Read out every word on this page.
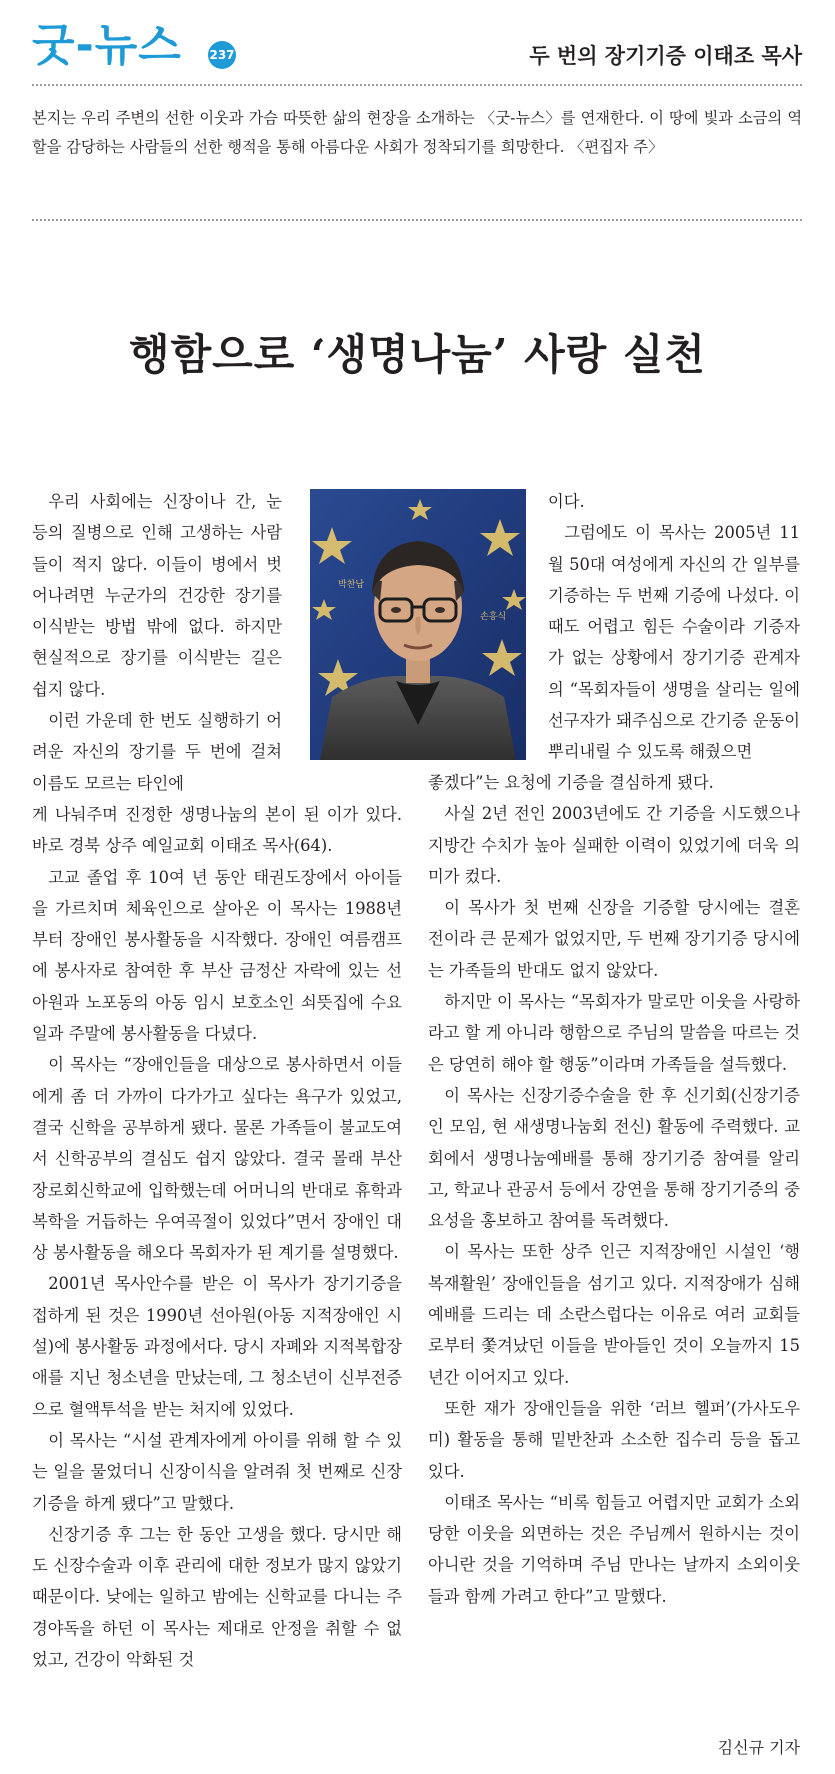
굿-뉴스 237	두 번의 장기기증 이태조 목사
본지는 우리 주변의 선한 이웃과 가슴 따뜻한 삶의 현장을 소개하는 〈굿-뉴스〉를 연재한다. 이 땅에 빛과 소금의 역할을 감당하는 사람들의 선한 행적을 통해 아름다운 사회가 정착되기를 희망한다. 〈편집자 주〉
행함으로 ‘생명나눔’ 사랑 실천
박찬남
손흥식

우리 사회에는 신장이나 간, 눈 등의 질병으로 인해 고생하는 사람들이 적지 않다. 이들이 병에서 벗어나려면 누군가의 건강한 장기를 이식받는 방법 밖에 없다. 하지만 현실적으로 장기를 이식받는 길은 쉽지 않다.

이런 가운데 한 번도 실행하기 어려운 자신의 장기를 두 번에 걸쳐 이름도 모르는 타인에

게 나눠주며 진정한 생명나눔의 본이 된 이가 있다. 바로 경북 상주 예일교회 이태조 목사(64).

고교 졸업 후 10여 년 동안 태권도장에서 아이들을 가르치며 체육인으로 살아온 이 목사는 1988년부터 장애인 봉사활동을 시작했다. 장애인 여름캠프에 봉사자로 참여한 후 부산 금정산 자락에 있는 선아원과 노포동의 아동 임시 보호소인 쇠뜻집에 수요일과 주말에 봉사활동을 다녔다.

이 목사는 “장애인들을 대상으로 봉사하면서 이들에게 좀 더 가까이 다가가고 싶다는 욕구가 있었고, 결국 신학을 공부하게 됐다. 물론 가족들이 불교도여서 신학공부의 결심도 쉽지 않았다. 결국 몰래 부산장로회신학교에 입학했는데 어머니의 반대로 휴학과 복학을 거듭하는 우여곡절이 있었다”면서 장애인 대상 봉사활동을 해오다 목회자가 된 계기를 설명했다.

2001년 목사안수를 받은 이 목사가 장기기증을 접하게 된 것은 1990년 선아원(아동 지적장애인 시설)에 봉사활동 과정에서다. 당시 자폐와 지적복합장애를 지닌 청소년을 만났는데, 그 청소년이 신부전증으로 혈액투석을 받는 처지에 있었다.

이 목사는 “시설 관계자에게 아이를 위해 할 수 있는 일을 물었더니 신장이식을 알려줘 첫 번째로 신장기증을 하게 됐다”고 말했다.

신장기증 후 그는 한 동안 고생을 했다. 당시만 해도 신장수술과 이후 관리에 대한 정보가 많지 않았기 때문이다. 낮에는 일하고 밤에는 신학교를 다니는 주경야독을 하던 이 목사는 제대로 안정을 취할 수 없었고, 건강이 악화된 것

이다.

그럼에도 이 목사는 2005년 11월 50대 여성에게 자신의 간 일부를 기증하는 두 번째 기증에 나섰다. 이 때도 어렵고 힘든 수술이라 기증자가 없는 상황에서 장기기증 관계자의 “목회자들이 생명을 살리는 일에 선구자가 돼주심으로 간기증 운동이 뿌리내릴 수 있도록 해줬으면

좋겠다”는 요청에 기증을 결심하게 됐다.

사실 2년 전인 2003년에도 간 기증을 시도했으나 지방간 수치가 높아 실패한 이력이 있었기에 더욱 의미가 컸다.

이 목사가 첫 번째 신장을 기증할 당시에는 결혼 전이라 큰 문제가 없었지만, 두 번째 장기기증 당시에는 가족들의 반대도 없지 않았다.

하지만 이 목사는 “목회자가 말로만 이웃을 사랑하라고 할 게 아니라 행함으로 주님의 말씀을 따르는 것은 당연히 해야 할 행동”이라며 가족들을 설득했다.

이 목사는 신장기증수술을 한 후 신기회(신장기증인 모임, 현 새생명나눔회 전신) 활동에 주력했다. 교회에서 생명나눔예배를 통해 장기기증 참여를 알리고, 학교나 관공서 등에서 강연을 통해 장기기증의 중요성을 홍보하고 참여를 독려했다.

이 목사는 또한 상주 인근 지적장애인 시설인 ‘행복재활원’ 장애인들을 섬기고 있다. 지적장애가 심해 예배를 드리는 데 소란스럽다는 이유로 여러 교회들로부터 쫓겨났던 이들을 받아들인 것이 오늘까지 15년간 이어지고 있다.

또한 재가 장애인들을 위한 ‘러브 헬퍼’(가사도우미) 활동을 통해 밑반찬과 소소한 집수리 등을 돕고 있다.

이태조 목사는 “비록 힘들고 어렵지만 교회가 소외당한 이웃을 외면하는 것은 주님께서 원하시는 것이 아니란 것을 기억하며 주님 만나는 날까지 소외이웃들과 함께 가려고 한다”고 말했다.

김신규 기자
